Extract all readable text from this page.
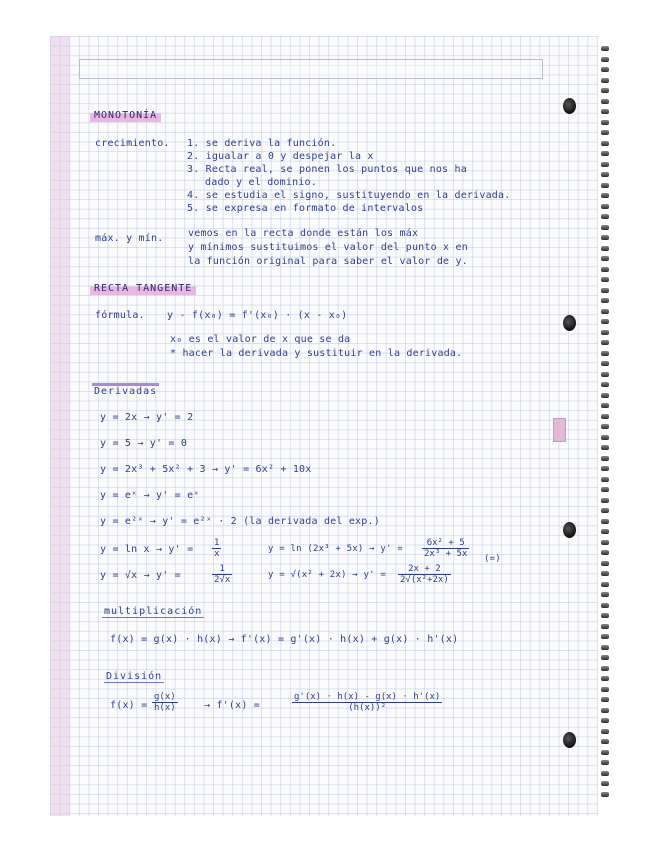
MONOTONÍA
crecimiento. 1. se deriva la función.
2. igualar a 0 y despejar la x
3. Recta real, se ponen los puntos que nos ha
dado y el dominio.
4. se estudia el signo, sustituyendo en la derivada.
5. se expresa en formato de intervalos
máx. y mín. vemos en la recta donde están los máx
y mínimos sustituimos el valor del punto x en
la función original para saber el valor de y.
RECTA TANGENTE
fórmula. y - f(x₀) = f'(x₀) · (x - x₀)
x₀ es el valor de x que se da
* hacer la derivada y sustituir en la derivada.
Derivadas
y = 2x → y' = 2
y = 5 → y' = 0
y = 2x³ + 5x² + 3 → y' = 6x² + 10x
y = eˣ → y' = eˣ
y = e²ˣ → y' = e²ˣ · 2 (la derivada del exp.)
$y = \ln x \to y' = \frac{1}{x}$
y = √x → y' =	$\frac{1}{2√x}$
$y = \ln (2x^3 + 5x) \to y' = \frac{\text{6x² + 5}}{\text{2x³ + 5x}}$ (=)
$y = √(x^2 + 2x) \to y' = \frac{2x + 2}{\text{2√(x²+2x)}}$
multiplicación
f(x) = g(x) · h(x) → f'(x) = g'(x) · h(x) + g(x) · h'(x)
División
$f(x) = \frac{g(x)}{h(x)}$	→ f'(x) =	$\frac{g'(x) \cdot h(x) - g(x) \cdot h'(x)}{\text{(h(x))²}}$
